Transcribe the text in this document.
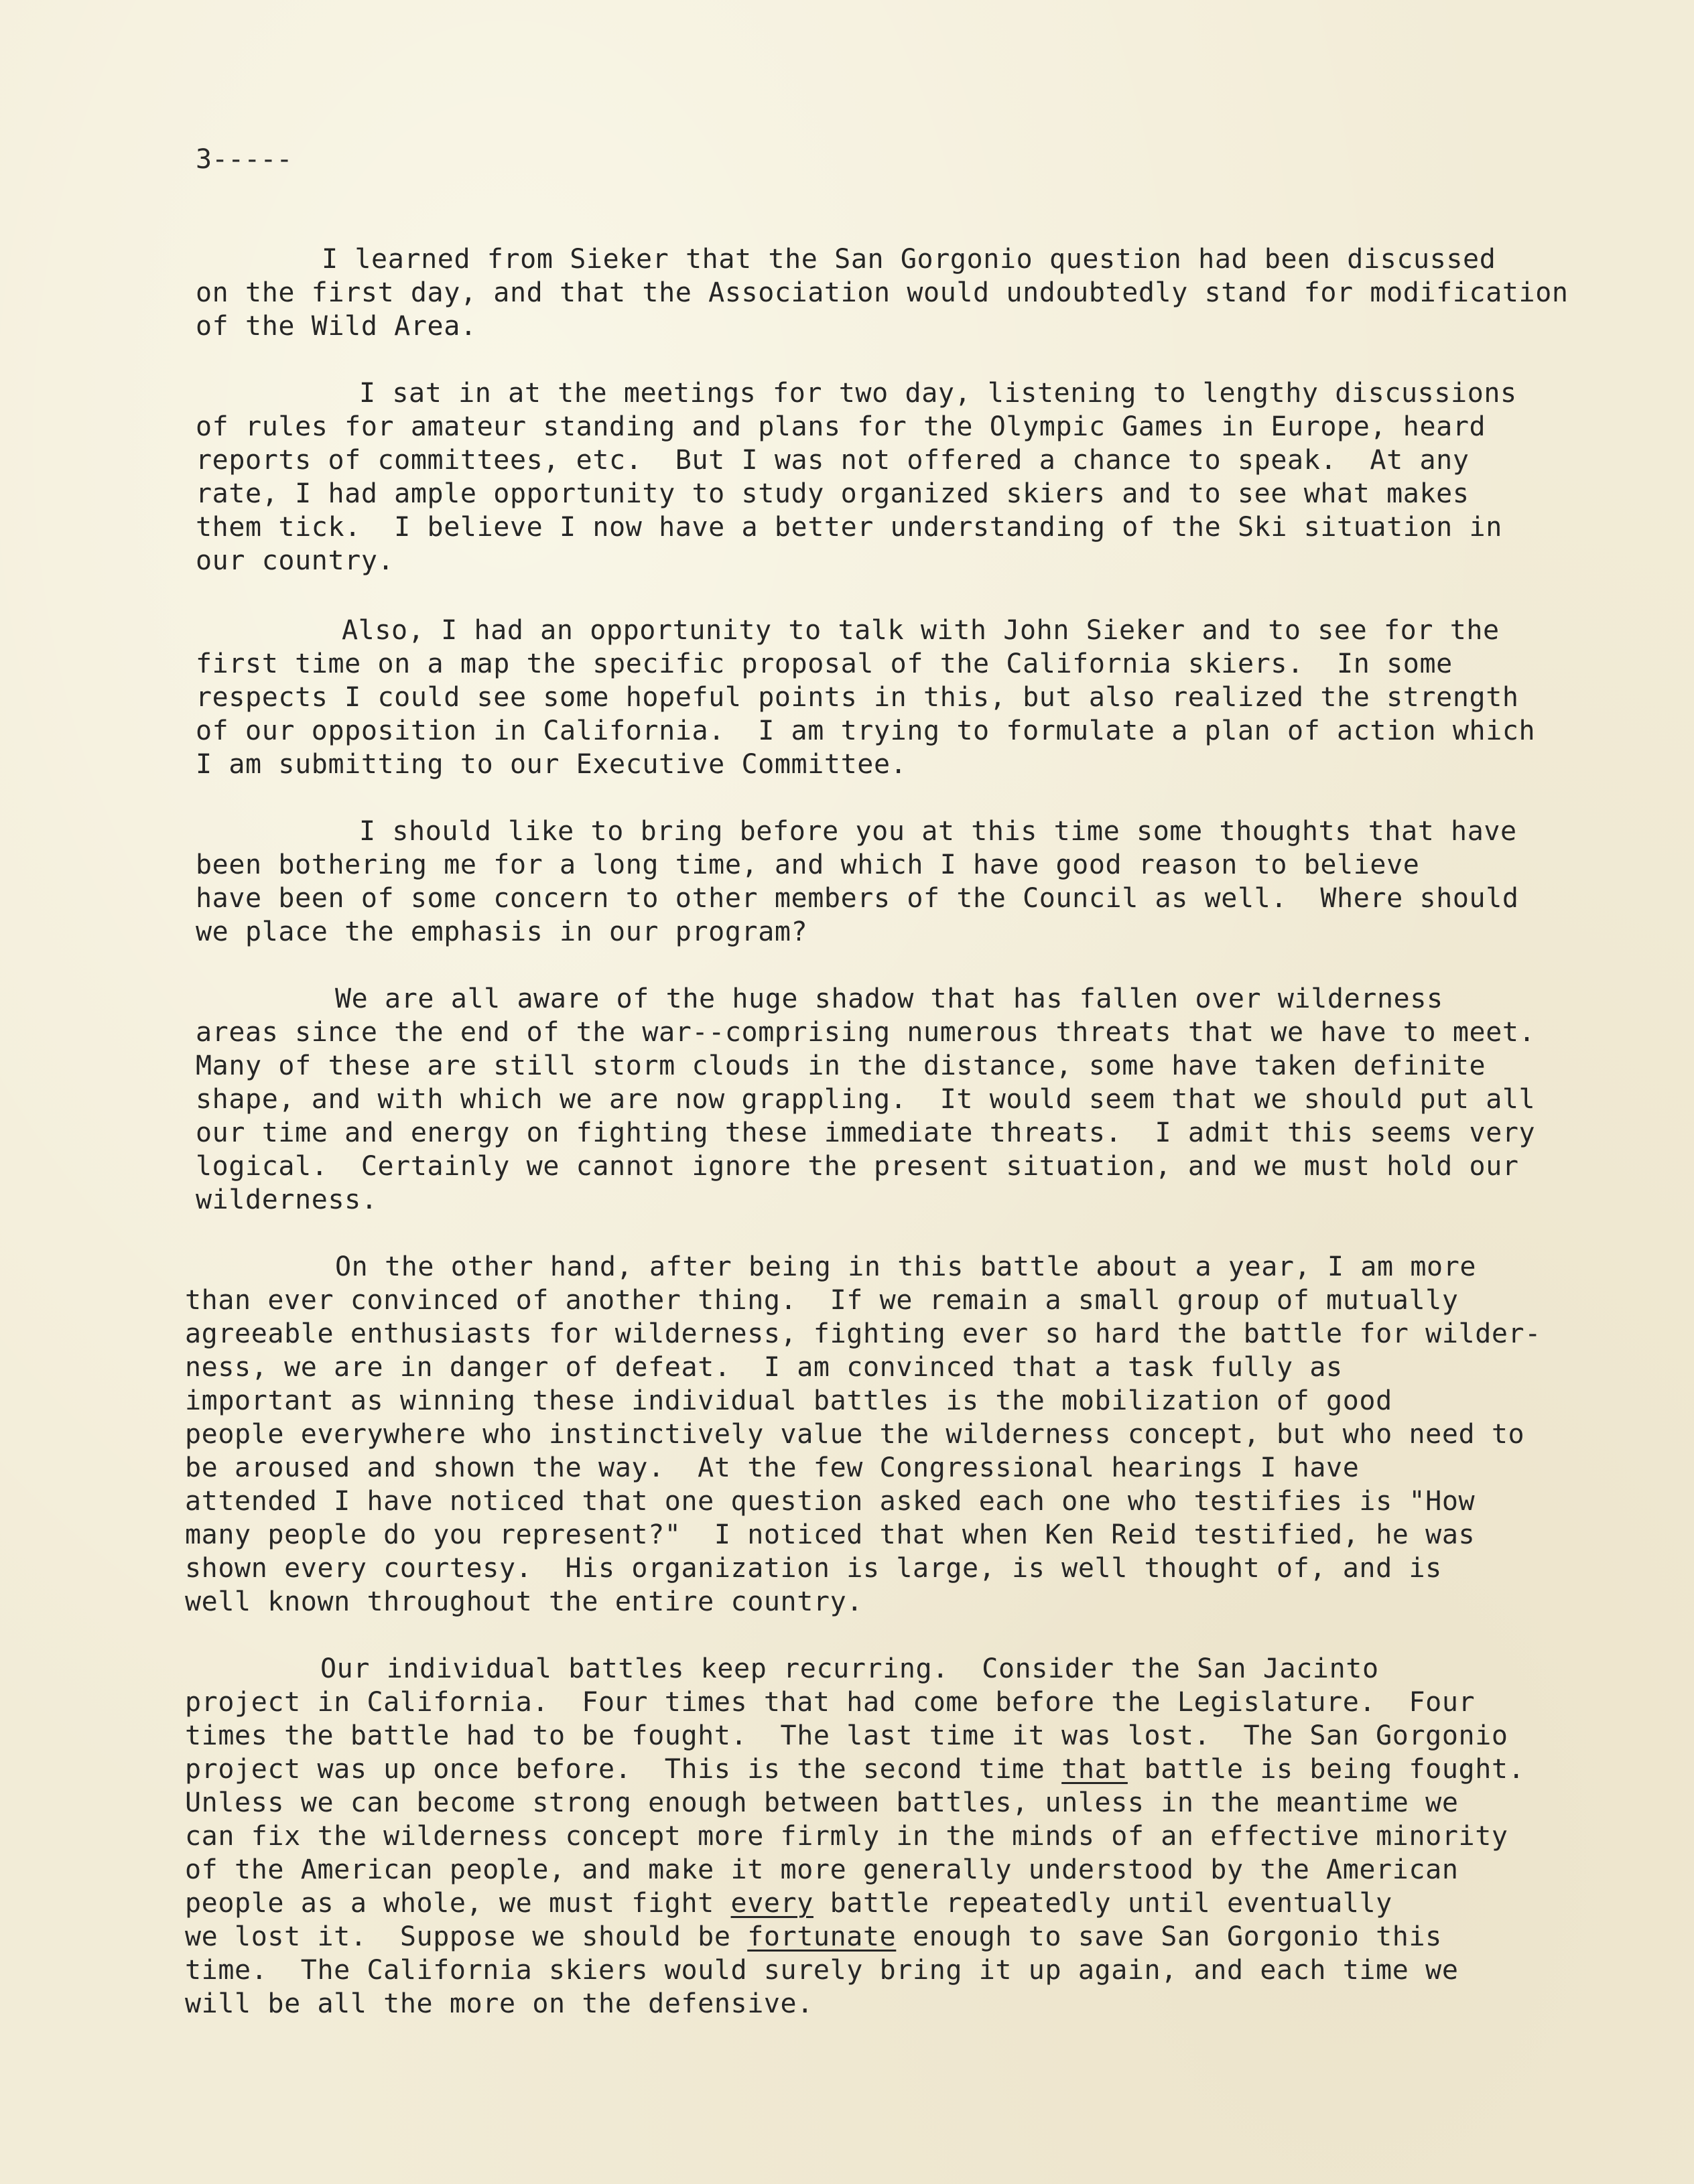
3-----
I learned from Sieker that the San Gorgonio question had been discussed
on the first day, and that the Association would undoubtedly stand for modification
of the Wild Area.
I sat in at the meetings for two day, listening to lengthy discussions
of rules for amateur standing and plans for the Olympic Games in Europe, heard
reports of committees, etc.  But I was not offered a chance to speak.  At any
rate, I had ample opportunity to study organized skiers and to see what makes
them tick.  I believe I now have a better understanding of the Ski situation in
our country.
Also, I had an opportunity to talk with John Sieker and to see for the
first time on a map the specific proposal of the California skiers.  In some
respects I could see some hopeful points in this, but also realized the strength
of our opposition in California.  I am trying to formulate a plan of action which
I am submitting to our Executive Committee.
I should like to bring before you at this time some thoughts that have
been bothering me for a long time, and which I have good reason to believe
have been of some concern to other members of the Council as well.  Where should
we place the emphasis in our program?
We are all aware of the huge shadow that has fallen over wilderness
areas since the end of the war--comprising numerous threats that we have to meet.
Many of these are still storm clouds in the distance, some have taken definite
shape, and with which we are now grappling.  It would seem that we should put all
our time and energy on fighting these immediate threats.  I admit this seems very
logical.  Certainly we cannot ignore the present situation, and we must hold our
wilderness.
On the other hand, after being in this battle about a year, I am more
than ever convinced of another thing.  If we remain a small group of mutually
agreeable enthusiasts for wilderness, fighting ever so hard the battle for wilder-
ness, we are in danger of defeat.  I am convinced that a task fully as
important as winning these individual battles is the mobilization of good
people everywhere who instinctively value the wilderness concept, but who need to
be aroused and shown the way.  At the few Congressional hearings I have
attended I have noticed that one question asked each one who testifies is "How
many people do you represent?"  I noticed that when Ken Reid testified, he was
shown every courtesy.  His organization is large, is well thought of, and is
well known throughout the entire country.
Our individual battles keep recurring.  Consider the San Jacinto
project in California.  Four times that had come before the Legislature.  Four
times the battle had to be fought.  The last time it was lost.  The San Gorgonio
project was up once before.  This is the second time that battle is being fought.
Unless we can become strong enough between battles, unless in the meantime we
can fix the wilderness concept more firmly in the minds of an effective minority
of the American people, and make it more generally understood by the American
people as a whole, we must fight every battle repeatedly until eventually
we lost it.  Suppose we should be fortunate enough to save San Gorgonio this
time.  The California skiers would surely bring it up again, and each time we
will be all the more on the defensive.
